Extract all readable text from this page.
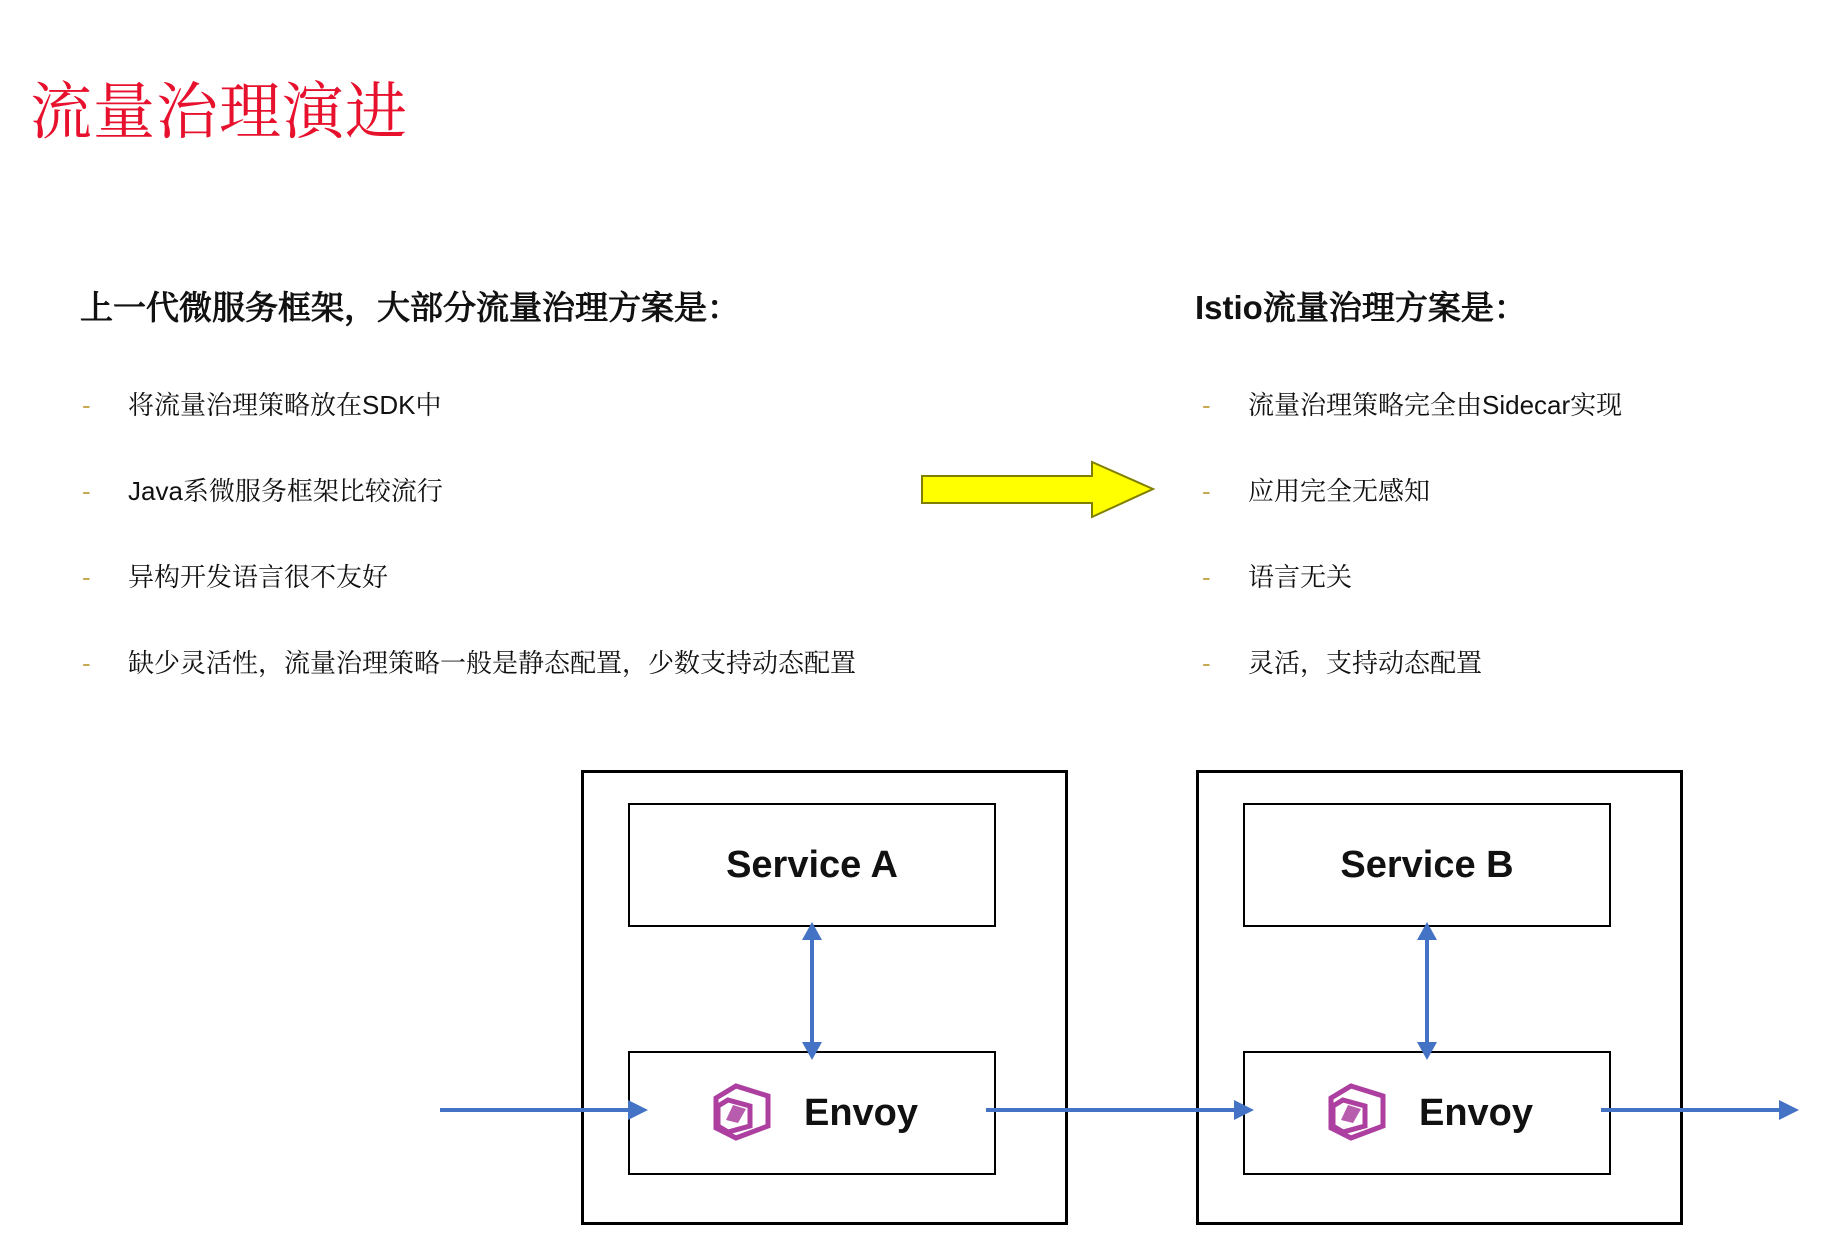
流量治理演进
上一代微服务框架，大部分流量治理方案是：
- 将流量治理策略放在SDK中
- Java系微服务框架比较流行
- 异构开发语言很不友好
- 缺少灵活性，流量治理策略一般是静态配置，少数支持动态配置
Istio流量治理方案是：
- 流量治理策略完全由Sidecar实现
- 应用完全无感知
- 语言无关
- 灵活，支持动态配置
Service A	Service B
Envoy	Envoy
